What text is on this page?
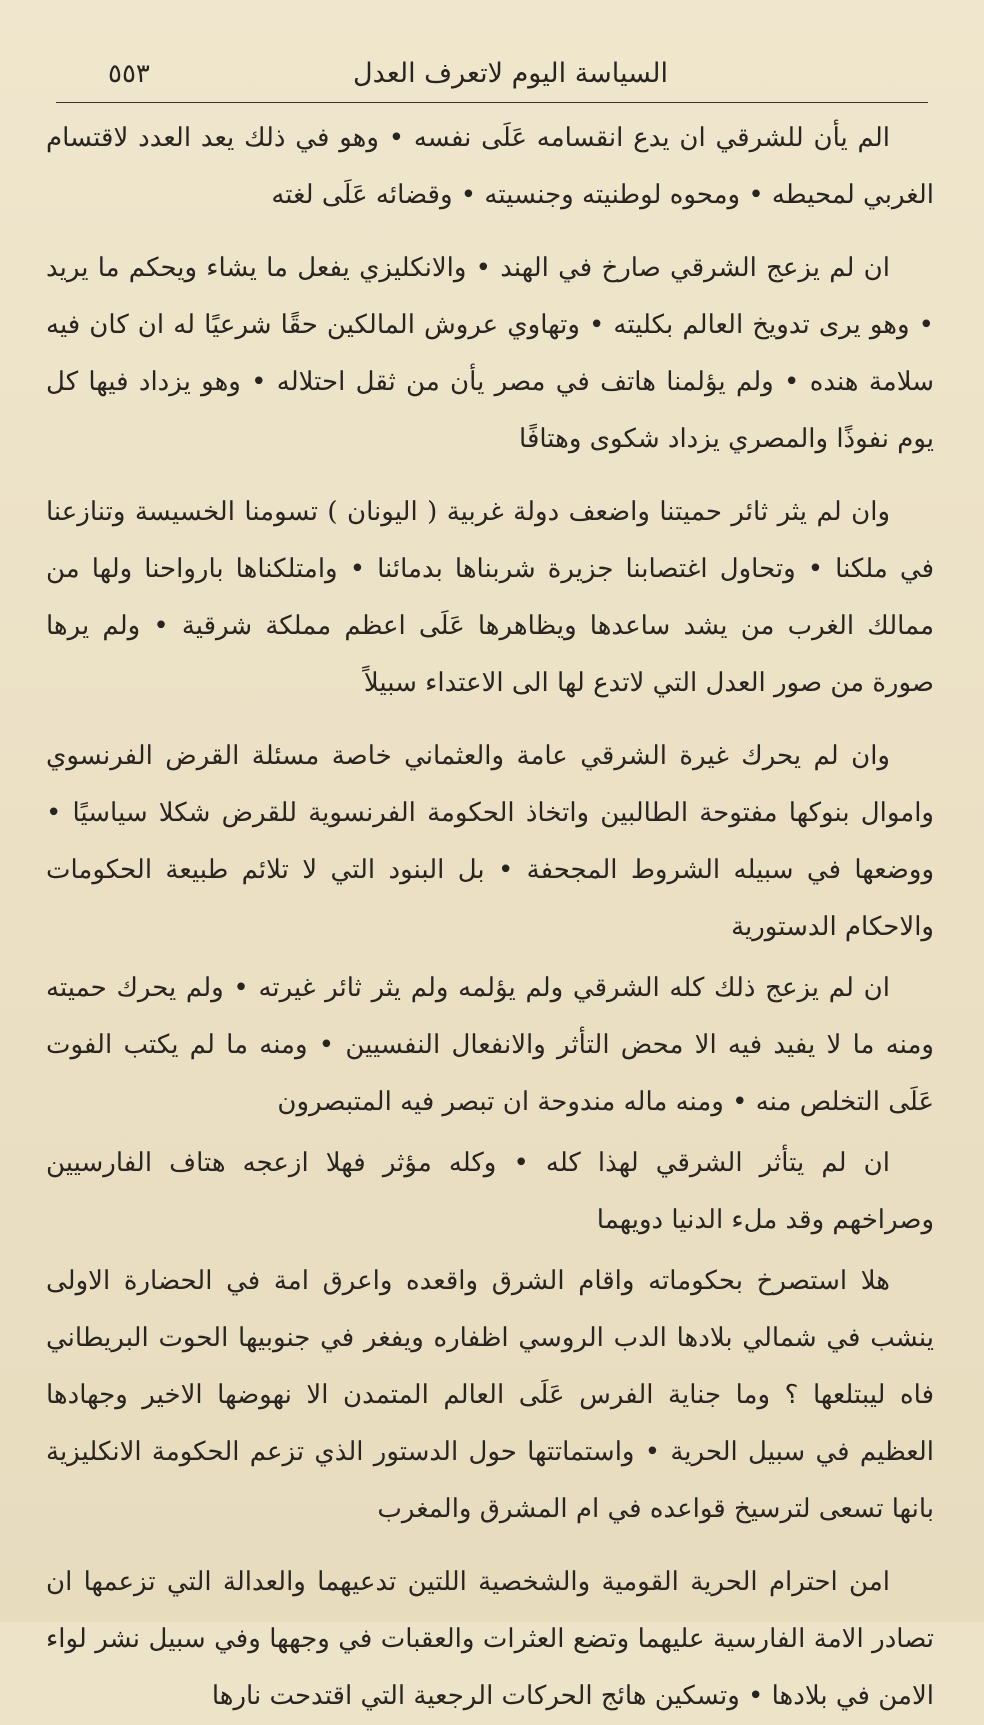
السياسة اليوم لاتعرف العدل
٥٥٣

الم يأن للشرقي ان يدع انقسامه عَلَى نفسه • وهو في ذلك يعد العدد لاقتسام الغربي لمحيطه • ومحوه لوطنيته وجنسيته • وقضائه عَلَى لغته

ان لم يزعج الشرقي صارخ في الهند • والانكليزي يفعل ما يشاء ويحكم ما يريد • وهو يرى تدويخ العالم بكليته • وتهاوي عروش المالكين حقًا شرعيًا له ان كان فيه سلامة هنده • ولم يؤلمنا هاتف في مصر يأن من ثقل احتلاله • وهو يزداد فيها كل يوم نفوذًا والمصري يزداد شكوى وهتافًا

وان لم يثر ثائر حميتنا واضعف دولة غربية ( اليونان ) تسومنا الخسيسة وتنازعنا في ملكنا • وتحاول اغتصابنا جزيرة شربناها بدمائنا • وامتلكناها بارواحنا ولها من ممالك الغرب من يشد ساعدها ويظاهرها عَلَى اعظم مملكة شرقية • ولم يرها صورة من صور العدل التي لاتدع لها الى الاعتداء سبيلاً

وان لم يحرك غيرة الشرقي عامة والعثماني خاصة مسئلة القرض الفرنسوي واموال بنوكها مفتوحة الطالبين واتخاذ الحكومة الفرنسوية للقرض شكلا سياسيًا • ووضعها في سبيله الشروط المجحفة • بل البنود التي لا تلائم طبيعة الحكومات والاحكام الدستورية

ان لم يزعج ذلك كله الشرقي ولم يؤلمه ولم يثر ثائر غيرته • ولم يحرك حميته ومنه ما لا يفيد فيه الا محض التأثر والانفعال النفسيين • ومنه ما لم يكتب الفوت عَلَى التخلص منه • ومنه ماله مندوحة ان تبصر فيه المتبصرون

ان لم يتأثر الشرقي لهذا كله • وكله مؤثر فهلا ازعجه هتاف الفارسيين وصراخهم وقد ملء الدنيا دويهما

هلا استصرخ بحكوماته واقام الشرق واقعده واعرق امة في الحضارة الاولى ينشب في شمالي بلادها الدب الروسي اظفاره ويفغر في جنوبيها الحوت البريطاني فاه ليبتلعها ؟ وما جناية الفرس عَلَى العالم المتمدن الا نهوضها الاخير وجهادها العظيم في سبيل الحرية • واستماتتها حول الدستور الذي تزعم الحكومة الانكليزية بانها تسعى لترسيخ قواعده في ام المشرق والمغرب

امن احترام الحرية القومية والشخصية اللتين تدعيهما والعدالة التي تزعمها ان تصادر الامة الفارسية عليهما وتضع العثرات والعقبات في وجهها وفي سبيل نشر لواء الامن في بلادها • وتسكين هائج الحركات الرجعية التي اقتدحت نارها
